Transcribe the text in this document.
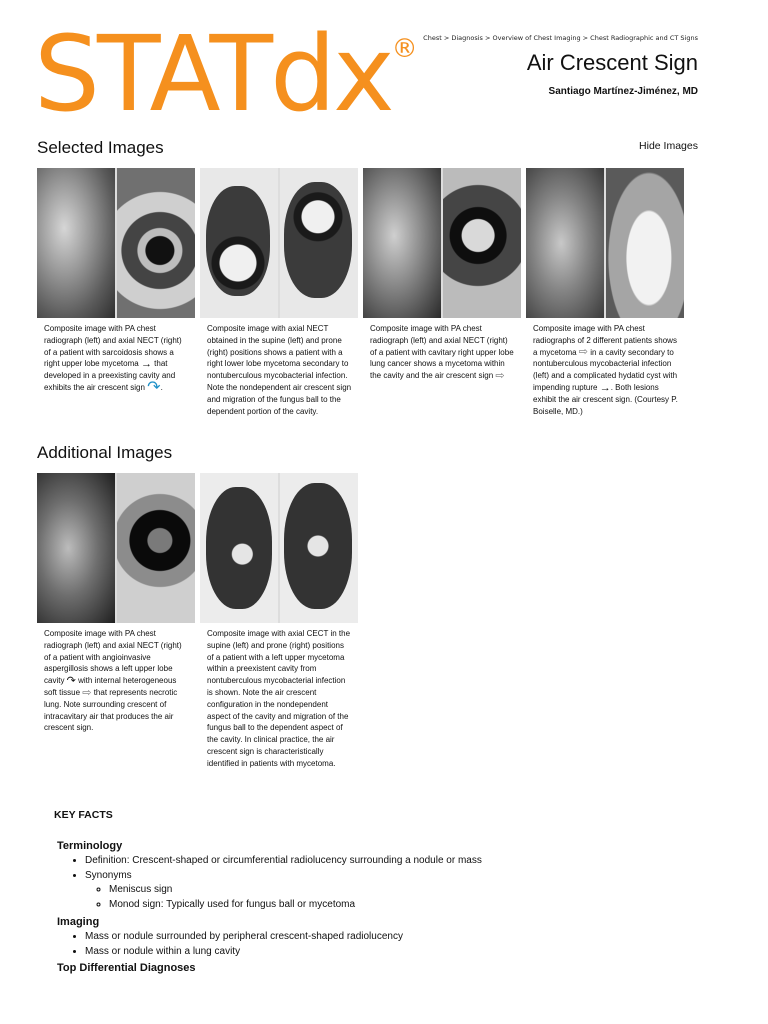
STATdx® Chest > Diagnosis > Overview of Chest Imaging > Chest Radiographic and CT Signs
Air Crescent Sign
Santiago Martínez-Jiménez, MD
Selected Images	Hide Images
Composite image with PA chest radiograph (left) and axial NECT (right) of a patient with sarcoidosis shows a right upper lobe mycetoma → that developed in a preexisting cavity and exhibits the air crescent sign ↷.
Composite image with axial NECT obtained in the supine (left) and prone (right) positions shows a patient with a right lower lobe mycetoma secondary to nontuberculous mycobacterial infection. Note the nondependent air crescent sign and migration of the fungus ball to the dependent portion of the cavity.
Composite image with PA chest radiograph (left) and axial NECT (right) of a patient with cavitary right upper lobe lung cancer shows a mycetoma within the cavity and the air crescent sign ⇨
Composite image with PA chest radiographs of 2 different patients shows a mycetoma ⇨ in a cavity secondary to nontuberculous mycobacterial infection (left) and a complicated hydatid cyst with impending rupture →. Both lesions exhibit the air crescent sign. (Courtesy P. Boiselle, MD.)
Additional Images
Composite image with PA chest radiograph (left) and axial NECT (right) of a patient with angioinvasive aspergillosis shows a left upper lobe cavity ↷ with internal heterogeneous soft tissue ⇨ that represents necrotic lung. Note surrounding crescent of intracavitary air that produces the air crescent sign.
Composite image with axial CECT in the supine (left) and prone (right) positions of a patient with a left upper mycetoma within a preexistent cavity from nontuberculous mycobacterial infection is shown. Note the air crescent configuration in the nondependent aspect of the cavity and migration of the fungus ball to the dependent aspect of the cavity. In clinical practice, the air crescent sign is characteristically identified in patients with mycetoma.
KEY FACTS
Terminology
• Definition: Crescent-shaped or circumferential radiolucency surrounding a nodule or mass
• Synonyms
◦ Meniscus sign
◦ Monod sign: Typically used for fungus ball or mycetoma
Imaging
• Mass or nodule surrounded by peripheral crescent-shaped radiolucency
• Mass or nodule within a lung cavity
Top Differential Diagnoses
